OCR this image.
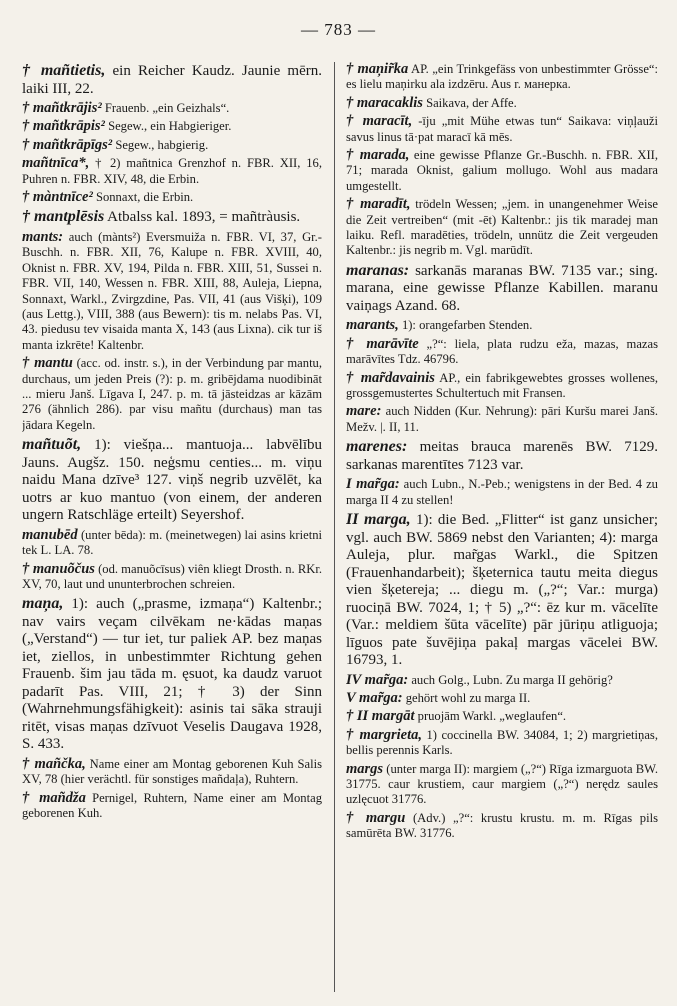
— 783 —

† mañtietis, ein Reicher Kaudz. Jaunie mērn. laiki III, 22.

† mañtkrājis² Frauenb. „ein Geizhals“.

† mañtkrāpis² Segew., ein Habgieriger.

† mañtkrāpīgs² Segew., habgierig.

mañtnīca*, † 2) mañtnica Grenzhof n. FBR. XII, 16, Puhren n. FBR. XIV, 48, die Erbin.

† màntnīce² Sonnaxt, die Erbin.

† mantplēsis Atbalss kal. 1893, = mañtràusis.

mants: auch (mànts²) Eversmuiža n. FBR. VI, 37, Gr.-Buschh. n. FBR. XII, 76, Kalupe n. FBR. XVIII, 40, Oknist n. FBR. XV, 194, Pilda n. FBR. XIII, 51, Sussei n. FBR. VII, 140, Wessen n. FBR. XIII, 88, Auleja, Liepna, Sonnaxt, Warkl., Zvirgzdine, Pas. VII, 41 (aus Višķi), 109 (aus Lettg.), VIII, 388 (aus Bewern): tis m. nelabs Pas. VI, 43. piedusu tev visaida manta X, 143 (aus Lixna). cik tur iš manta izkrēte! Kaltenbr.

† mantu (acc. od. instr. s.), in der Verbindung par mantu, durchaus, um jeden Preis (?): p. m. gribējdama nuodibināt ... mieru Janš. Līgava I, 247. p. m. tā jāsteidzas ar kāzām 276 (ähnlich 286). par visu mañtu (durchaus) man tas jādara Kegeln.

mañtuõt, 1): viešņa... mantuoja... labvēlību Jauns. Augšz. 150. neģsmu centies... m. viņu naidu Mana dzīve³ 127. viņš negrib uzvēlēt, ka uotrs ar kuo mantuo (von einem, der anderen ungern Ratschläge erteilt) Seyershof.

manubēd (unter bēda): m. (meinetwegen) lai asins krietni tek L. LA. 78.

† manuõčus (od. manuõcīsus) viên kliegt Drosth. n. RKr. XV, 70, laut und ununterbrochen schreien.

maņa, 1): auch („prasme, izmaņa“) Kaltenbr.; nav vairs veçam cilvēkam ne·kādas maņas („Verstand“) — tur iet, tur paliek AP. bez maņas iet, ziellos, in unbestimmter Richtung gehen Frauenb. šim jau tāda m. ęsuot, ka daudz varuot padarīt Pas. VIII, 21; † 3) der Sinn (Wahrnehmungsfähigkeit): asinis tai sāka strauji ritēt, visas maņas dzīvuot Veselis Daugava 1928, S. 433.

† mañčka, Name einer am Montag geborenen Kuh Salis XV, 78 (hier verächtl. für sonstiges mañdaļa), Ruhtern.

† mañdža Pernigel, Ruhtern, Name einer am Montag geborenen Kuh.

† maņir̃ka AP. „ein Trinkgefäss von unbestimmter Grösse“: es lielu maņirku ala izdzēru. Aus r. манерка.

† maracaklis Saikava, der Affe.

† maracīt, -īju „mit Mühe etwas tun“ Saikava: viņļauži savus linus tā·pat maracī kā mēs.

† marada, eine gewisse Pflanze Gr.-Buschh. n. FBR. XII, 71; marada Oknist, galium mollugo. Wohl aus madara umgestellt.

† maradīt, trödeln Wessen; „jem. in unangenehmer Weise die Zeit vertreiben“ (mit -ēt) Kaltenbr.: jis tik maradej man laiku. Refl. maradēties, trödeln, unnütz die Zeit vergeuden Kaltenbr.: jis negrib m. Vgl. marūdīt.

maranas: sarkanās maranas BW. 7135 var.; sing. marana, eine gewisse Pflanze Kabillen. maranu vaiņags Azand. 68.

marants, 1): orangefarben Stenden.

† marāvīte „?“: liela, plata rudzu eža, mazas, mazas marāvītes Tdz. 46796.

† mar̃davainis AP., ein fabrikgewebtes grosses wollenes, grossgemustertes Schultertuch mit Fransen.

mare: auch Nidden (Kur. Nehrung): pāri Kuršu marei Janš. Mežv. |. II, 11.

marenes: meitas brauca marenēs BW. 7129. sarkanas marentītes 7123 var.

I mar̃ga: auch Lubn., N.-Peb.; wenigstens in der Bed. 4 zu marga II 4 zu stellen!

II marga, 1): die Bed. „Flitter“ ist ganz unsicher; vgl. auch BW. 5869 nebst den Varianten; 4): marga Auleja, plur. mar̃gas Warkl., die Spitzen (Frauenhandarbeit); šķeternica tautu meita diegus vien šķetereja; ... diegu m. („?“; Var.: murga) ruociņā BW. 7024, 1; † 5) „?“: ēz kur m. vācelīte (Var.: meldiem šūta vācelīte) pār jūriņu atliguoja; līguos pate šuvējiņa pakaļ margas vācelei BW. 16793, 1.

IV mar̃ga: auch Golg., Lubn. Zu marga II gehörig?

V mar̃ga: gehört wohl zu marga II.

† II margāt pruojām Warkl. „weglaufen“.

† margrieta, 1) coccinella BW. 34084, 1; 2) margrietiņas, bellis perennis Karls.

margs (unter marga II): margiem („?“) Rīga izmarguota BW. 31775. caur krustiem, caur margiem („?“) nerędz saules uzlęcuot 31776.

† margu (Adv.) „?“: krustu krustu. m. m. Rīgas pils samūrēta BW. 31776.
